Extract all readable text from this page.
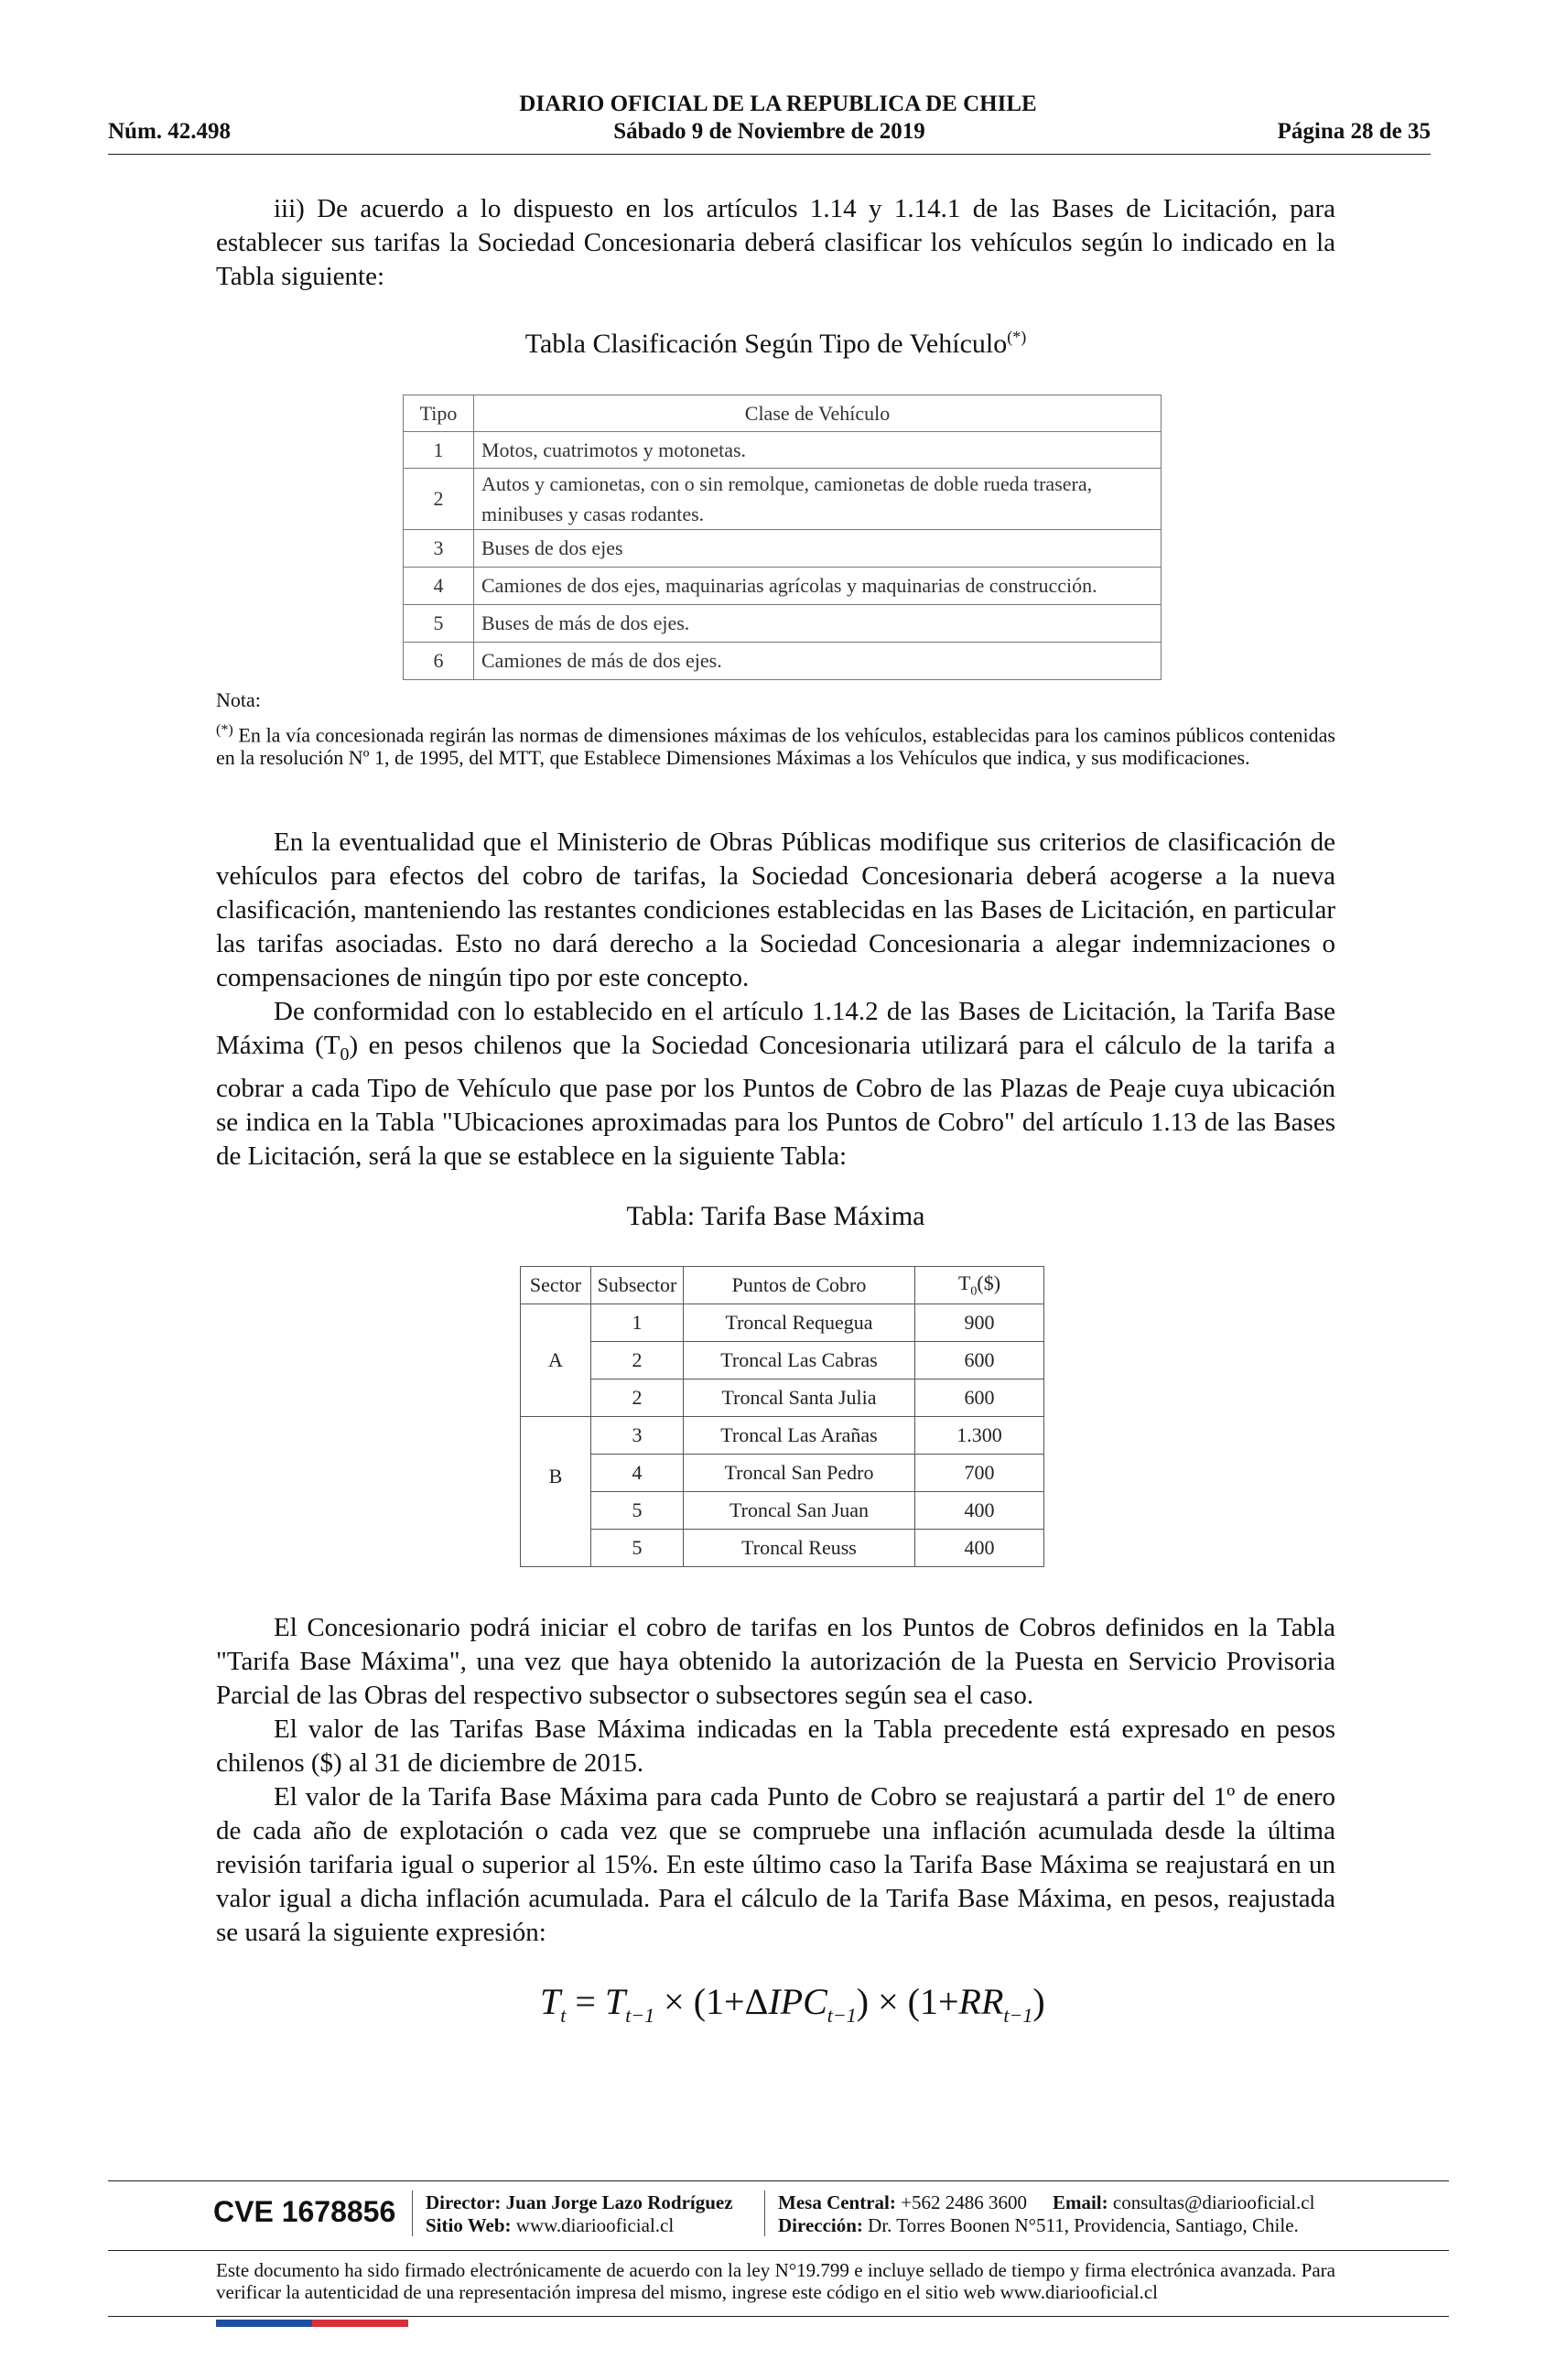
DIARIO OFICIAL DE LA REPUBLICA DE CHILE
Núm. 42.498	Sábado 9 de Noviembre de 2019	Página 28 de 35

iii) De acuerdo a lo dispuesto en los artículos 1.14 y 1.14.1 de las Bases de Licitación, para establecer sus tarifas la Sociedad Concesionaria deberá clasificar los vehículos según lo indicado en la Tabla siguiente:

Tabla Clasificación Según Tipo de Vehículo(*)
Tipo	Clase de Vehículo
1	Motos, cuatrimotos y motonetas.
2	Autos y camionetas, con o sin remolque, camionetas de doble rueda trasera, minibuses y casas rodantes.
3	Buses de dos ejes
4	Camiones de dos ejes, maquinarias agrícolas y maquinarias de construcción.
5	Buses de más de dos ejes.
6	Camiones de más de dos ejes.
Nota:
(*) En la vía concesionada regirán las normas de dimensiones máximas de los vehículos, establecidas para los caminos públicos contenidas en la resolución Nº 1, de 1995, del MTT, que Establece Dimensiones Máximas a los Vehículos que indica, y sus modificaciones.

En la eventualidad que el Ministerio de Obras Públicas modifique sus criterios de clasificación de vehículos para efectos del cobro de tarifas, la Sociedad Concesionaria deberá acogerse a la nueva clasificación, manteniendo las restantes condiciones establecidas en las Bases de Licitación, en particular las tarifas asociadas. Esto no dará derecho a la Sociedad Concesionaria a alegar indemnizaciones o compensaciones de ningún tipo por este concepto.

De conformidad con lo establecido en el artículo 1.14.2 de las Bases de Licitación, la Tarifa Base Máxima $(T_0)$ en pesos chilenos que la Sociedad Concesionaria utilizará para el cálculo de la tarifa a cobrar a cada Tipo de Vehículo que pase por los Puntos de Cobro de las Plazas de Peaje cuya ubicación se indica en la Tabla "Ubicaciones aproximadas para los Puntos de Cobro" del artículo 1.13 de las Bases de Licitación, será la que se establece en la siguiente Tabla:

Tabla: Tarifa Base Máxima
Sector	Subsector	Puntos de Cobro	$T_0(\$)$
A	1	Troncal Requegua	900
	2	Troncal Las Cabras	600
	2	Troncal Santa Julia	600
B	3	Troncal Las Arañas	1.300
	4	Troncal San Pedro	700
	5	Troncal San Juan	400
	5	Troncal Reuss	400

El Concesionario podrá iniciar el cobro de tarifas en los Puntos de Cobros definidos en la Tabla "Tarifa Base Máxima", una vez que haya obtenido la autorización de la Puesta en Servicio Provisoria Parcial de las Obras del respectivo subsector o subsectores según sea el caso.

El valor de las Tarifas Base Máxima indicadas en la Tabla precedente está expresado en pesos chilenos ($) al 31 de diciembre de 2015.

El valor de la Tarifa Base Máxima para cada Punto de Cobro se reajustará a partir del 1º de enero de cada año de explotación o cada vez que se compruebe una inflación acumulada desde la última revisión tarifaria igual o superior al 15%. En este último caso la Tarifa Base Máxima se reajustará en un valor igual a dicha inflación acumulada. Para el cálculo de la Tarifa Base Máxima, en pesos, reajustada se usará la siguiente expresión:

$T_t = T_{t-1} \times (1+\Delta IPC_{t-1}) \times (1+RR_{t-1})$
CVE 1678856 Director: Juan Jorge Lazo Rodríguez
Sitio Web: www.diariooficial.cl
Mesa Central: +562 2486 3600 Email: consultas@diariooficial.cl
Dirección: Dr. Torres Boonen N°511, Providencia, Santiago, Chile.
Este documento ha sido firmado electrónicamente de acuerdo con la ley N°19.799 e incluye sellado de tiempo y firma electrónica avanzada. Para verificar la autenticidad de una representación impresa del mismo, ingrese este código en el sitio web www.diariooficial.cl
